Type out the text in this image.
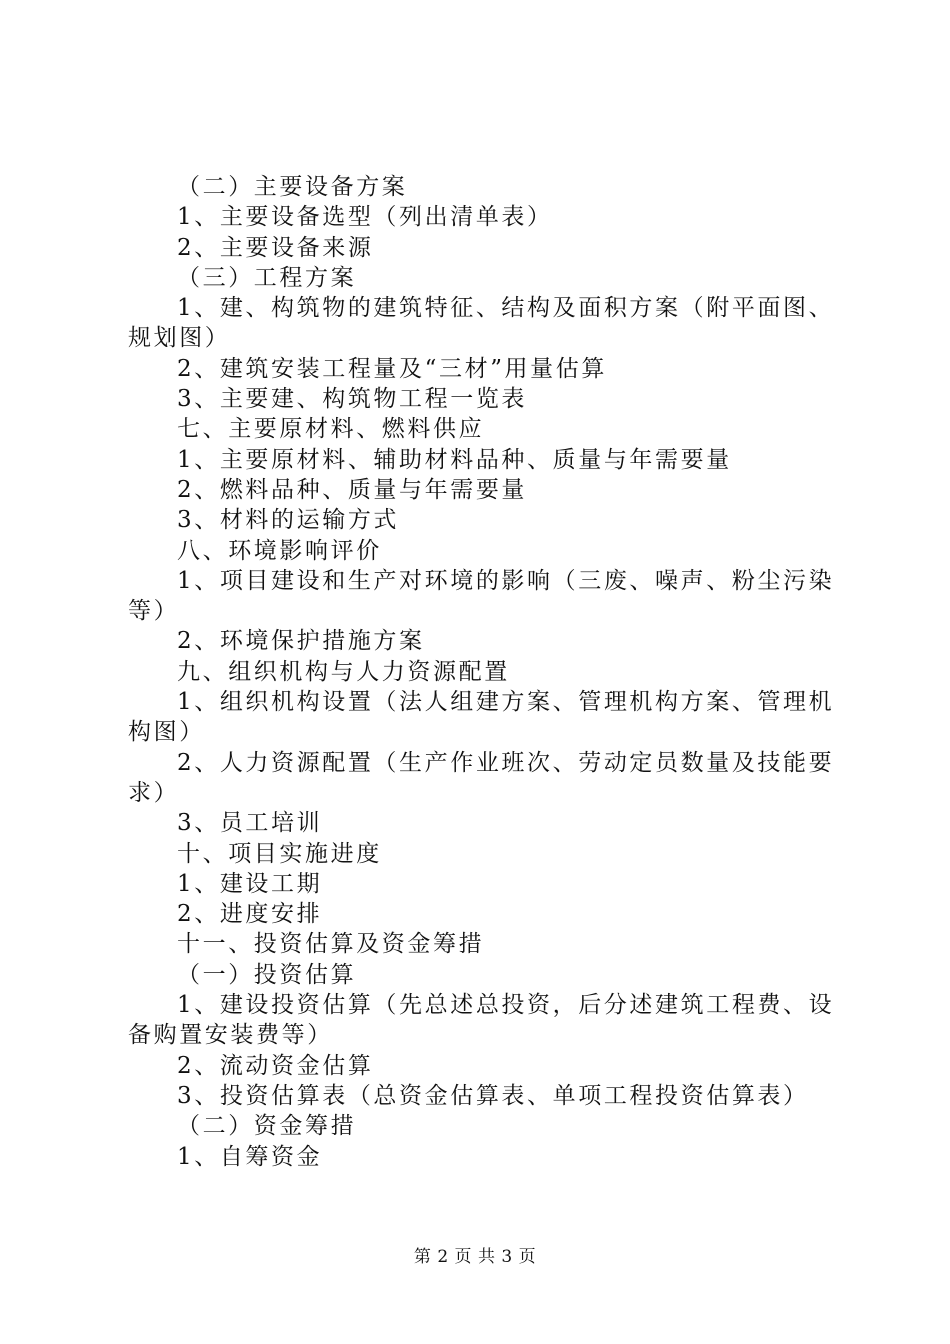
（二）主要设备方案

1、主要设备选型（列出清单表）

2、主要设备来源

（三）工程方案

1、建、构筑物的建筑特征、结构及面积方案（附平面图、规划图）

2、建筑安装工程量及“三材”用量估算

3、主要建、构筑物工程一览表

七、主要原材料、燃料供应

1、主要原材料、辅助材料品种、质量与年需要量

2、燃料品种、质量与年需要量

3、材料的运输方式

八、环境影响评价

1、项目建设和生产对环境的影响（三废、噪声、粉尘污染等）

2、环境保护措施方案

九、组织机构与人力资源配置

1、组织机构设置（法人组建方案、管理机构方案、管理机构图）

2、人力资源配置（生产作业班次、劳动定员数量及技能要求）

3、员工培训

十、项目实施进度

1、建设工期

2、进度安排

十一、投资估算及资金筹措

（一）投资估算

1、建设投资估算（先总述总投资，后分述建筑工程费、设备购置安装费等）

2、流动资金估算

3、投资估算表（总资金估算表、单项工程投资估算表）

（二）资金筹措

1、自筹资金

第 2 页 共 3 页
